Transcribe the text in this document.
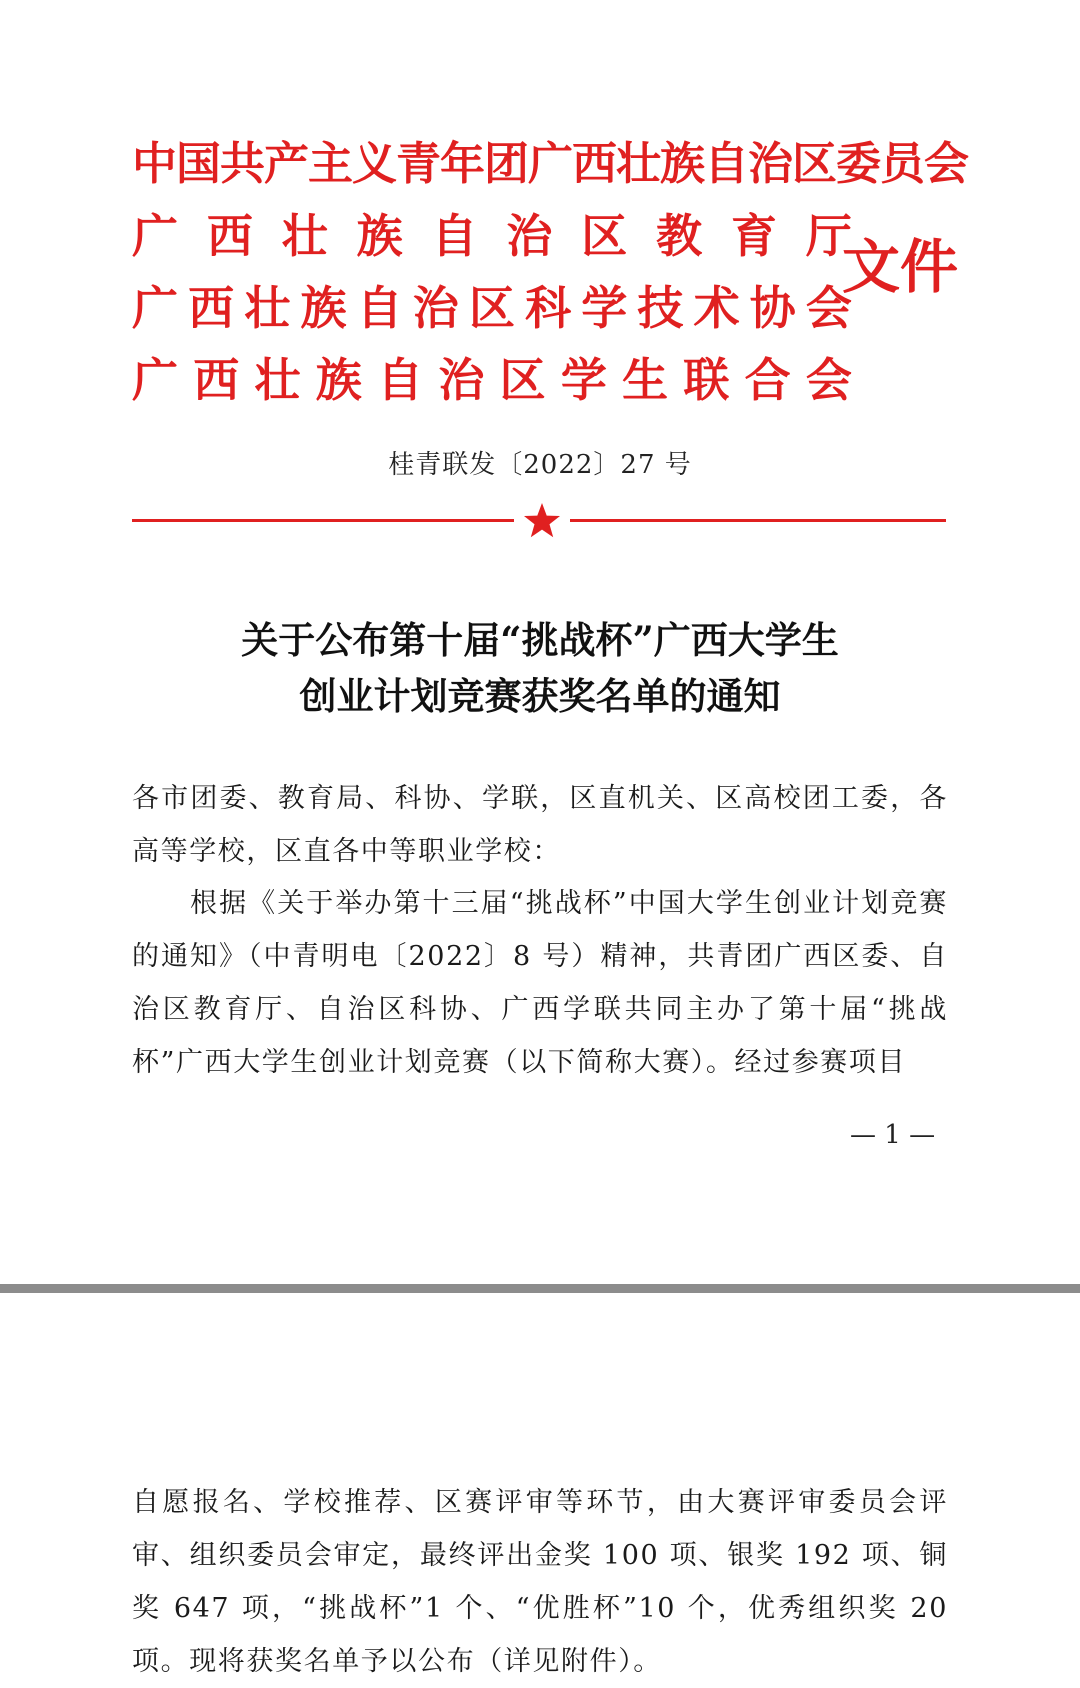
中国共产主义青年团广西壮族自治区委员会
广 西 壮 族 自 治 区 教 育 厅
广 西 壮 族 自 治 区 科 学 技 术 协 会
广 西 壮 族 自 治 区 学 生 联 合 会
文件
桂青联发〔2022〕27 号
关于公布第十届“挑战杯”广西大学生
创业计划竞赛获奖名单的通知
各市团委、教育局、科协、学联，区直机关、区高校团工委，各高等学校，区直各中等职业学校：
根据《关于举办第十三届“挑战杯”中国大学生创业计划竞赛的通知》（中青明电〔2022〕8 号）精神，共青团广西区委、自治区教育厅、自治区科协、广西学联共同主办了第十届“挑战杯”广西大学生创业计划竞赛（以下简称大赛）。经过参赛项目
— 1 —
自愿报名、学校推荐、区赛评审等环节，由大赛评审委员会评审、组织委员会审定，最终评出金奖 100 项、银奖 192 项、铜奖 647 项，“挑战杯”1 个、“优胜杯”10 个，优秀组织奖 20 项。现将获奖名单予以公布（详见附件）。
